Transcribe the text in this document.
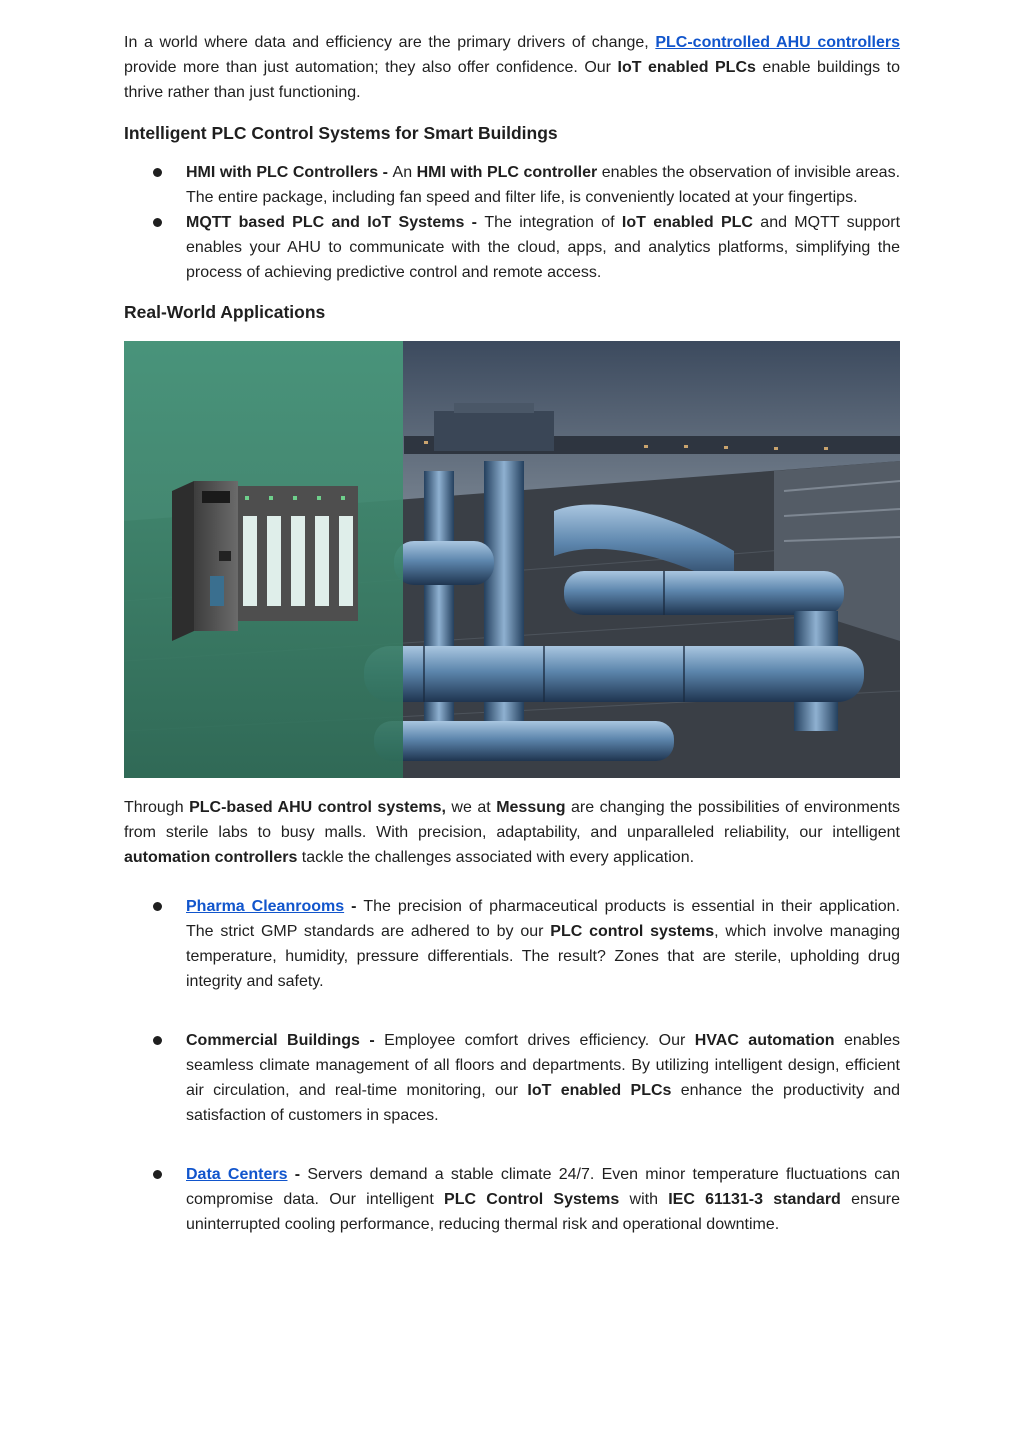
In a world where data and efficiency are the primary drivers of change, PLC-controlled AHU controllers provide more than just automation; they also offer confidence. Our IoT enabled PLCs enable buildings to thrive rather than just functioning.

Intelligent PLC Control Systems for Smart Buildings
HMI with PLC Controllers - An HMI with PLC controller enables the observation of invisible areas. The entire package, including fan speed and filter life, is conveniently located at your fingertips.
MQTT based PLC and IoT Systems - The integration of IoT enabled PLC and MQTT support enables your AHU to communicate with the cloud, apps, and analytics platforms, simplifying the process of achieving predictive control and remote access.
Real-World Applications

Through PLC-based AHU control systems, we at Messung are changing the possibilities of environments from sterile labs to busy malls. With precision, adaptability, and unparalleled reliability, our intelligent automation controllers tackle the challenges associated with every application.

Pharma Cleanrooms - The precision of pharmaceutical products is essential in their application. The strict GMP standards are adhered to by our PLC control systems, which involve managing temperature, humidity, pressure differentials. The result? Zones that are sterile, upholding drug integrity and safety.
Commercial Buildings - Employee comfort drives efficiency. Our HVAC automation enables seamless climate management of all floors and departments. By utilizing intelligent design, efficient air circulation, and real-time monitoring, our IoT enabled PLCs enhance the productivity and satisfaction of customers in spaces.
Data Centers - Servers demand a stable climate 24/7. Even minor temperature fluctuations can compromise data. Our intelligent PLC Control Systems with IEC 61131-3 standard ensure uninterrupted cooling performance, reducing thermal risk and operational downtime.
